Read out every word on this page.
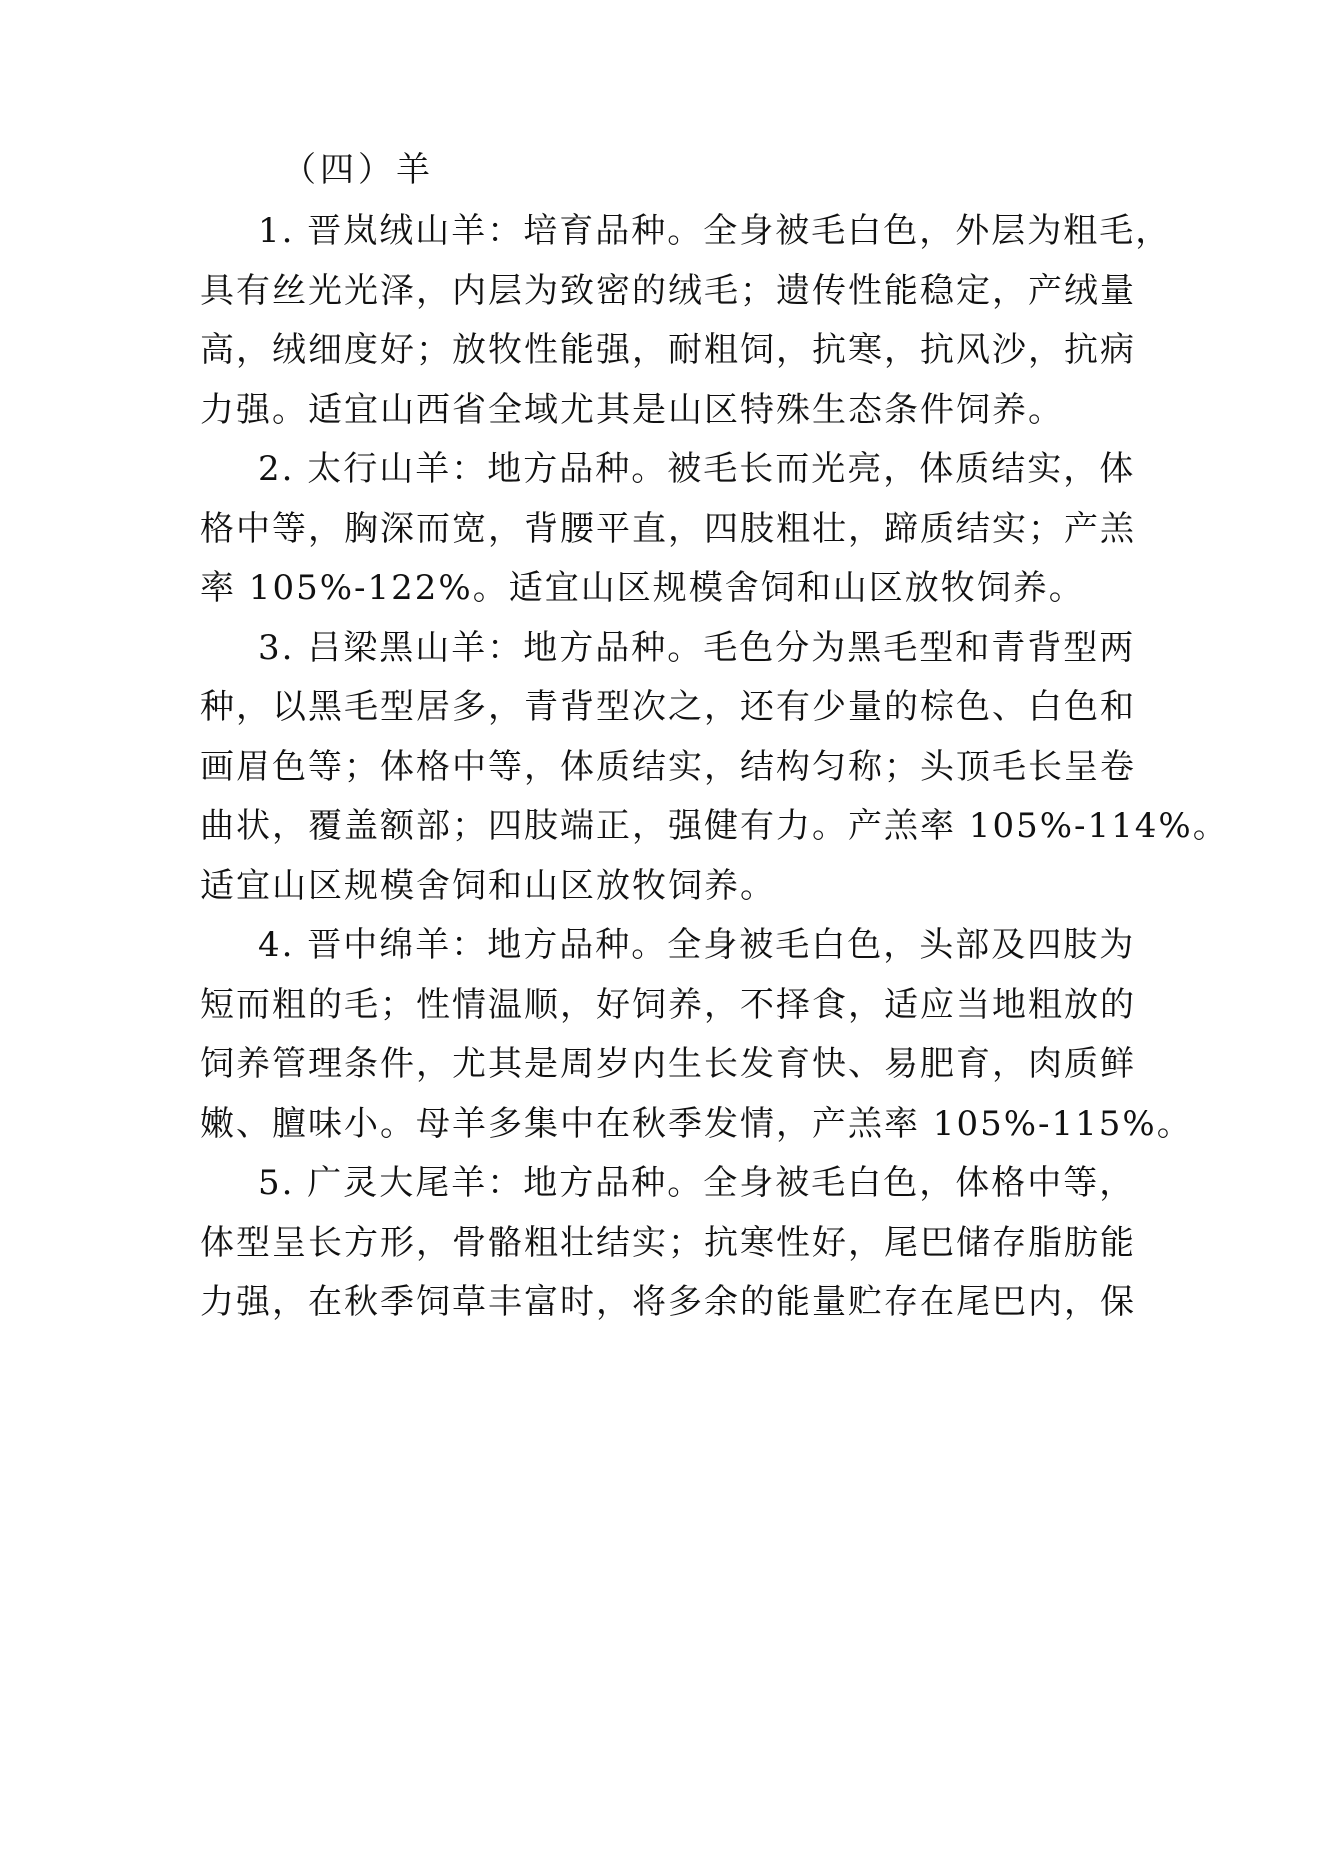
（四）羊
1. 晋岚绒山羊：培育品种。全身被毛白色，外层为粗毛，
具有丝光光泽，内层为致密的绒毛；遗传性能稳定，产绒量
高，绒细度好；放牧性能强，耐粗饲，抗寒，抗风沙，抗病
力强。适宜山西省全域尤其是山区特殊生态条件饲养。
2. 太行山羊：地方品种。被毛长而光亮，体质结实，体
格中等，胸深而宽，背腰平直，四肢粗壮，蹄质结实；产羔
率 105%-122%。适宜山区规模舍饲和山区放牧饲养。
3. 吕梁黑山羊：地方品种。毛色分为黑毛型和青背型两
种，以黑毛型居多，青背型次之，还有少量的棕色、白色和
画眉色等；体格中等，体质结实，结构匀称；头顶毛长呈卷
曲状，覆盖额部；四肢端正，强健有力。产羔率 105%-114%。
适宜山区规模舍饲和山区放牧饲养。
4. 晋中绵羊：地方品种。全身被毛白色，头部及四肢为
短而粗的毛；性情温顺，好饲养，不择食，适应当地粗放的
饲养管理条件，尤其是周岁内生长发育快、易肥育，肉质鲜
嫩、膻味小。母羊多集中在秋季发情，产羔率 105%-115%。
5. 广灵大尾羊：地方品种。全身被毛白色，体格中等，
体型呈长方形，骨骼粗壮结实；抗寒性好，尾巴储存脂肪能
力强，在秋季饲草丰富时，将多余的能量贮存在尾巴内，保
